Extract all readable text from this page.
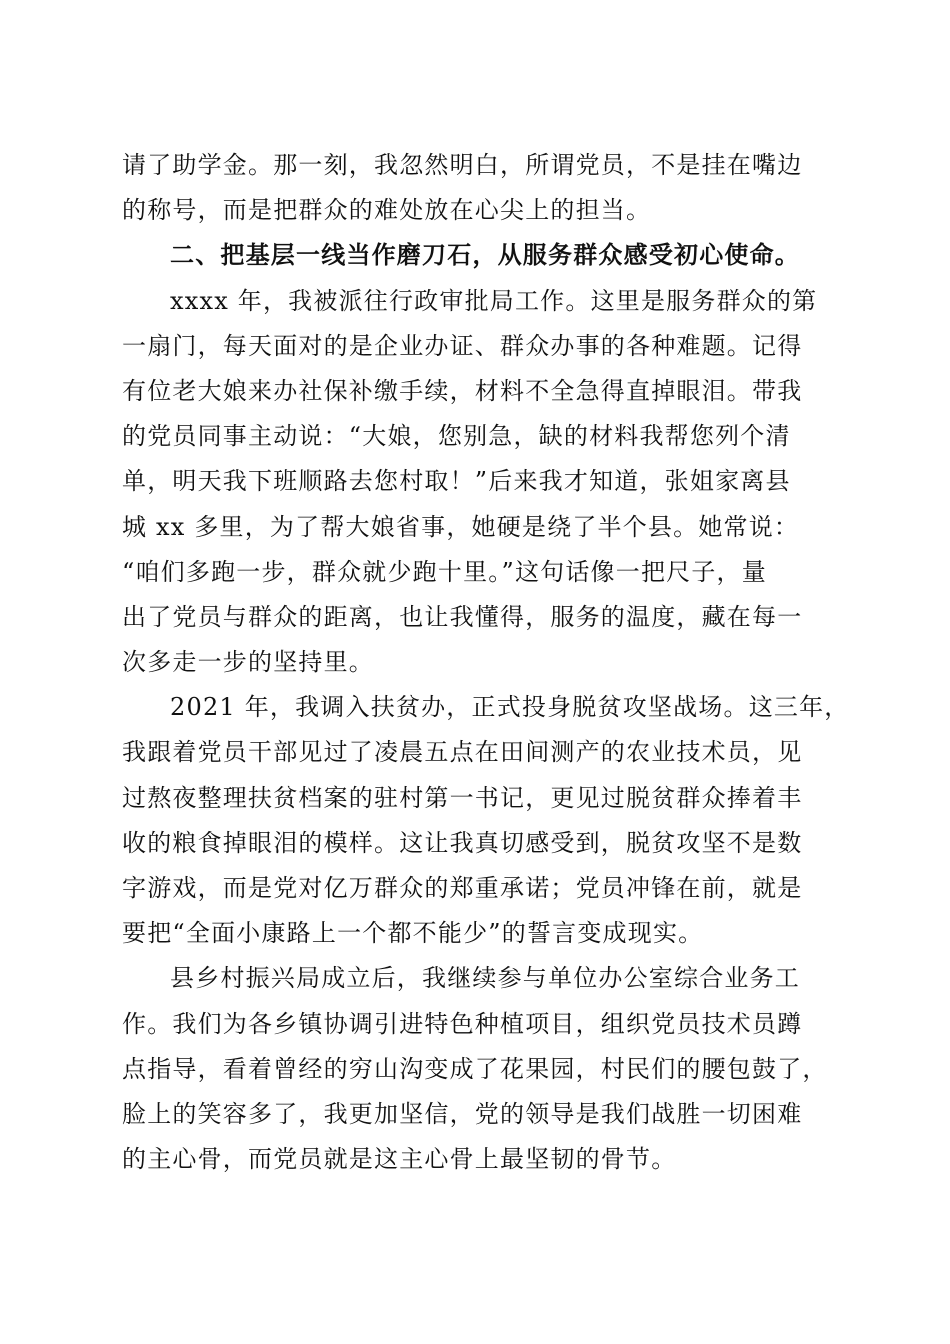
请了助学金。那一刻，我忽然明白，所谓党员，不是挂在嘴边
的称号，而是把群众的难处放在心尖上的担当。
二、把基层一线当作磨刀石，从服务群众感受初心使命。
xxxx 年，我被派往行政审批局工作。这里是服务群众的第
一扇门，每天面对的是企业办证、群众办事的各种难题。记得
有位老大娘来办社保补缴手续，材料不全急得直掉眼泪。带我
的党员同事主动说：“大娘，您别急，缺的材料我帮您列个清
单，明天我下班顺路去您村取！”后来我才知道，张姐家离县
城 xx 多里，为了帮大娘省事，她硬是绕了半个县。她常说：
“咱们多跑一步，群众就少跑十里。”这句话像一把尺子，量
出了党员与群众的距离，也让我懂得，服务的温度，藏在每一
次多走一步的坚持里。
2021 年，我调入扶贫办，正式投身脱贫攻坚战场。这三年，
我跟着党员干部见过了凌晨五点在田间测产的农业技术员，见
过熬夜整理扶贫档案的驻村第一书记，更见过脱贫群众捧着丰
收的粮食掉眼泪的模样。这让我真切感受到，脱贫攻坚不是数
字游戏，而是党对亿万群众的郑重承诺；党员冲锋在前，就是
要把“全面小康路上一个都不能少”的誓言变成现实。
县乡村振兴局成立后，我继续参与单位办公室综合业务工
作。我们为各乡镇协调引进特色种植项目，组织党员技术员蹲
点指导，看着曾经的穷山沟变成了花果园，村民们的腰包鼓了，
脸上的笑容多了，我更加坚信，党的领导是我们战胜一切困难
的主心骨，而党员就是这主心骨上最坚韧的骨节。
